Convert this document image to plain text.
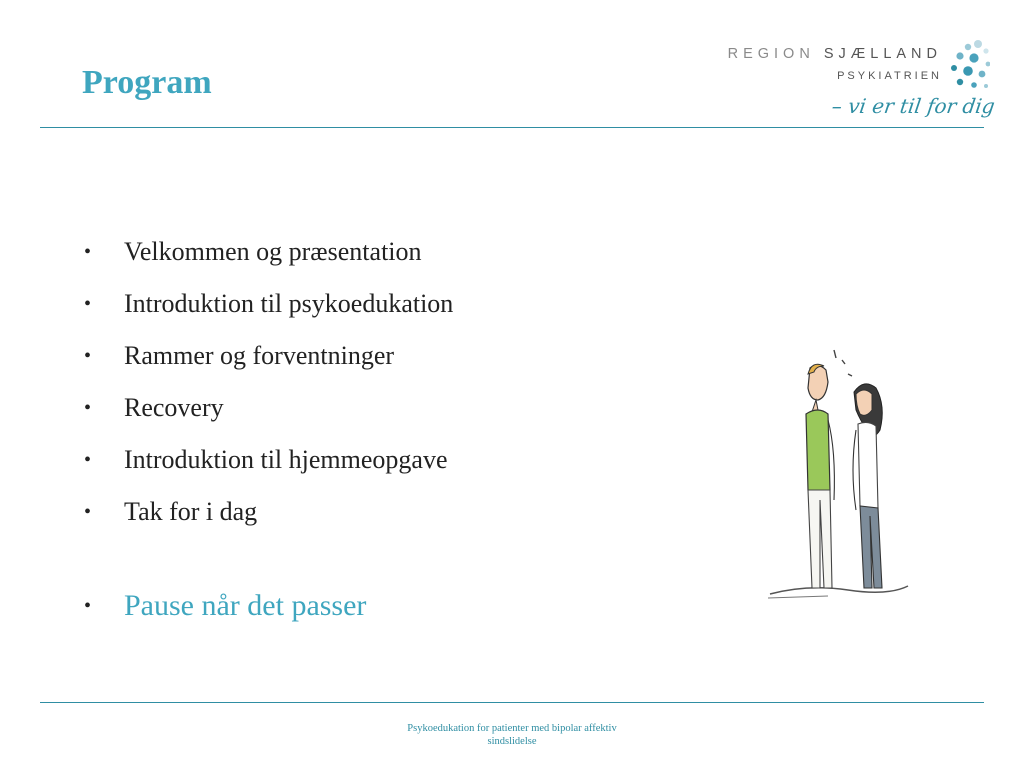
Program
REGION SJÆLLAND
PSYKIATRIEN
– vi er til for dig
• Velkommen og præsentation
• Introduktion til psykoedukation
• Rammer og forventninger
• Recovery
• Introduktion til hjemmeopgave
• Tak for i dag
• Pause når det passer
Psykoedukation for patienter med bipolar affektiv
sindslidelse
